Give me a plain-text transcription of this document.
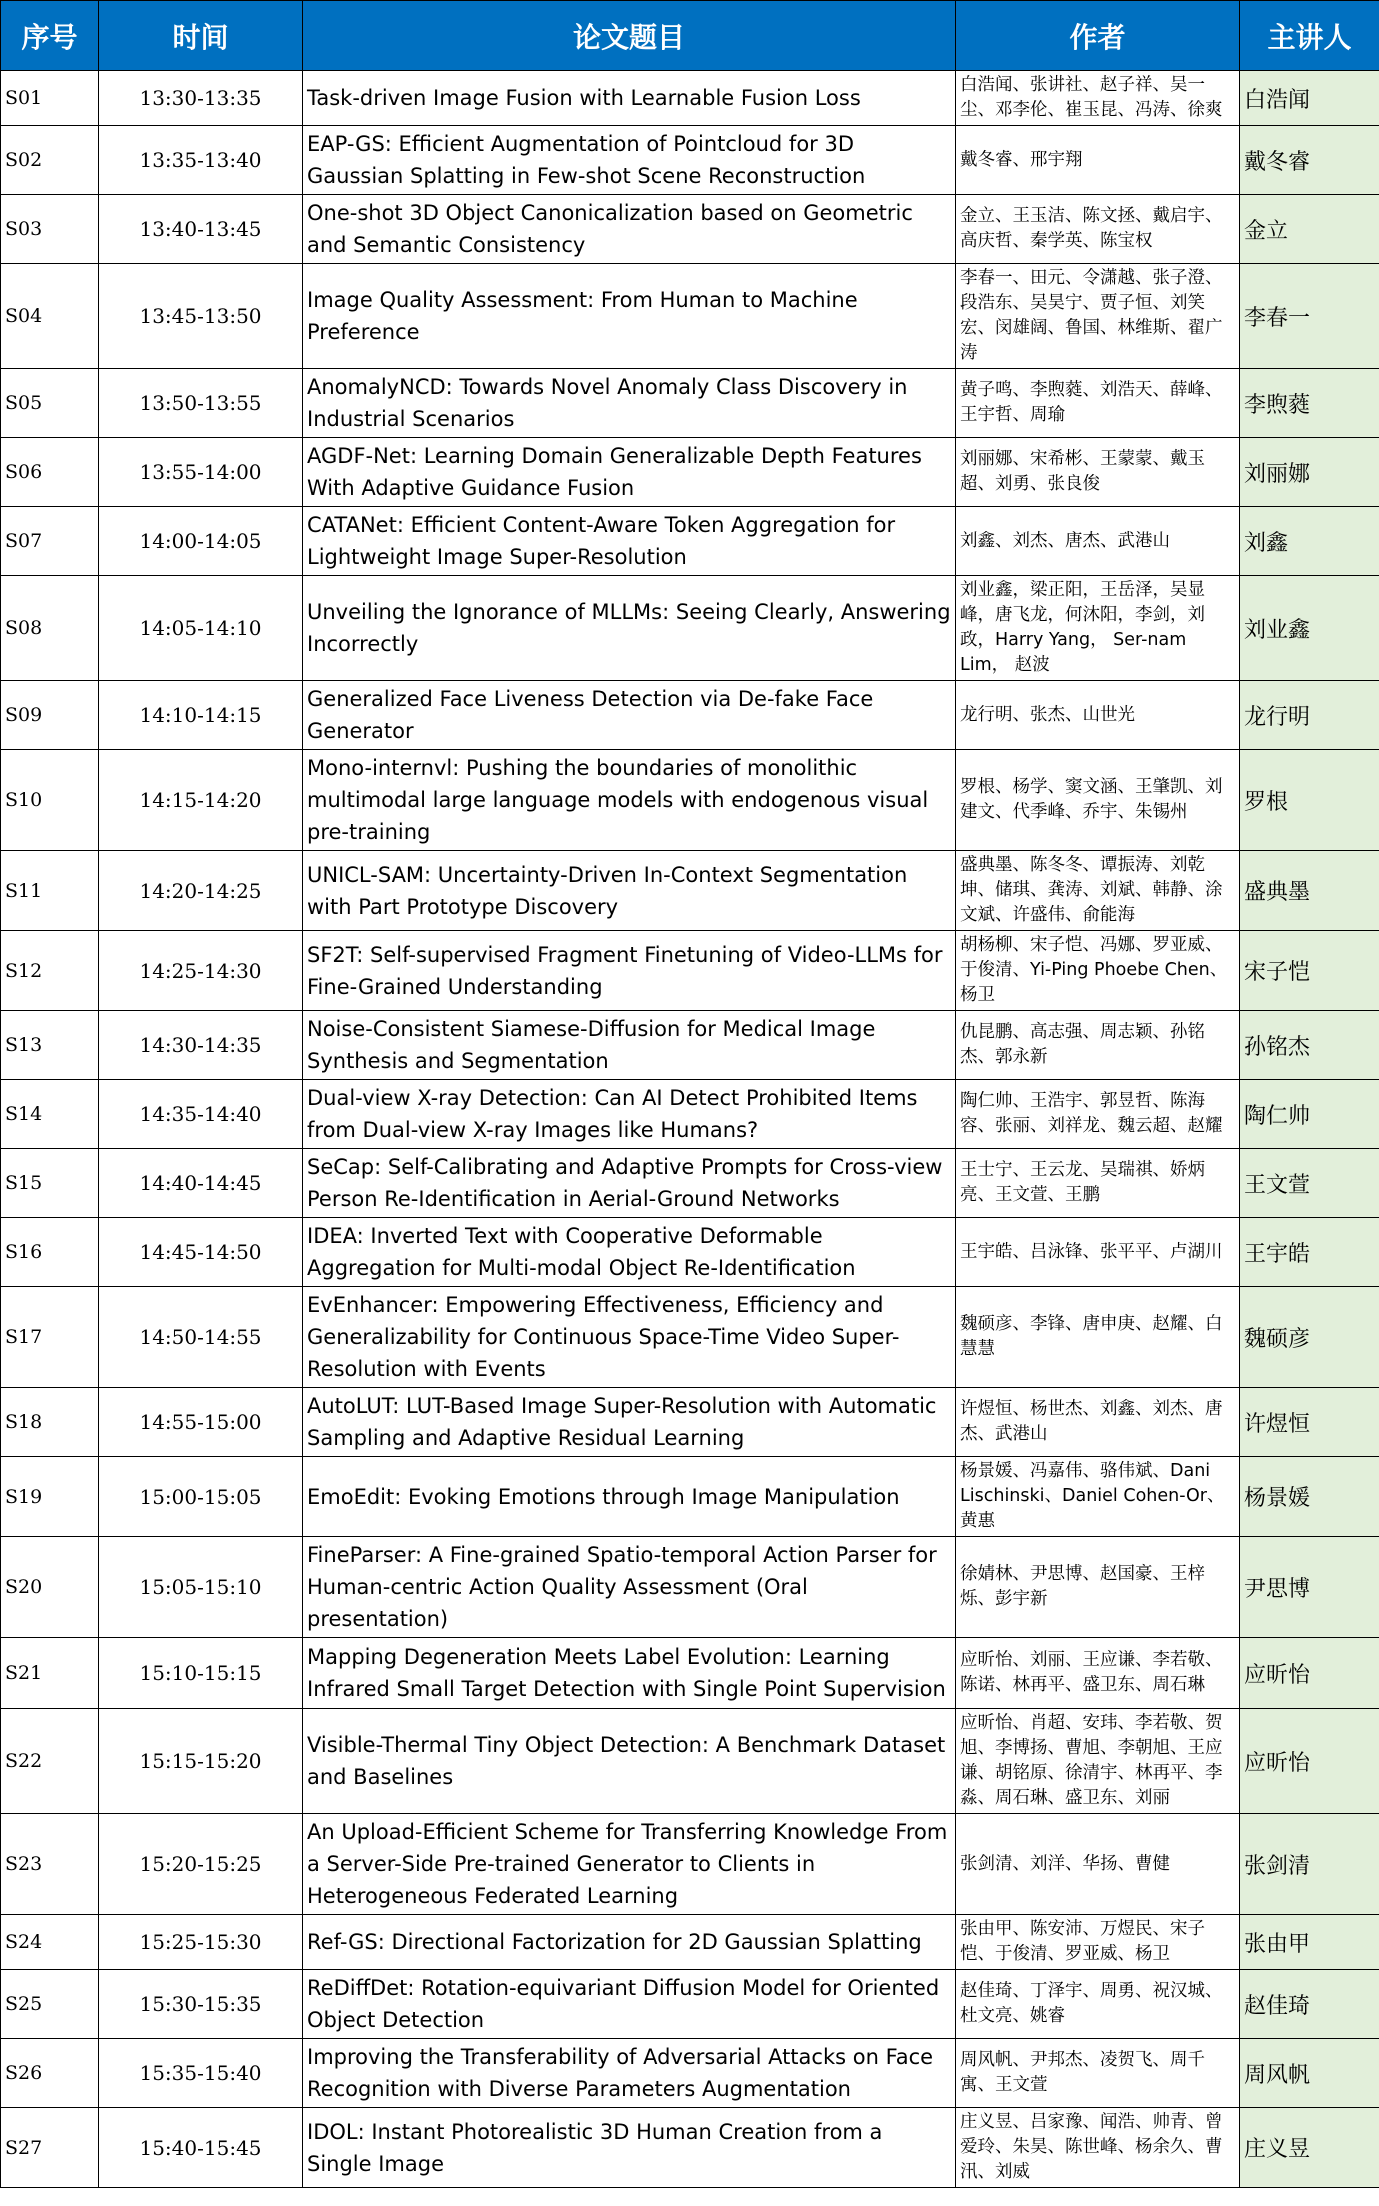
序号	时间	论文题目	作者	主讲人
S01	13:30-13:35	Task-driven Image Fusion with Learnable Fusion Loss	白浩闻、张讲社、赵子祥、吴一尘、邓李伦、崔玉昆、冯涛、徐爽	白浩闻
S02	13:35-13:40	EAP-GS: Efficient Augmentation of Pointcloud for 3D Gaussian Splatting in Few-shot Scene Reconstruction	戴冬睿、邢宇翔	戴冬睿
S03	13:40-13:45	One-shot 3D Object Canonicalization based on Geometric and Semantic Consistency	金立、王玉洁、陈文拯、戴启宇、高庆哲、秦学英、陈宝权	金立
S04	13:45-13:50	Image Quality Assessment: From Human to Machine Preference	李春一、田元、令潇越、张子澄、段浩东、吴昊宁、贾子恒、刘笑宏、闵雄阔、鲁国、林维斯、翟广涛	李春一
S05	13:50-13:55	AnomalyNCD: Towards Novel Anomaly Class Discovery in Industrial Scenarios	黄子鸣、李煦蕤、刘浩天、薛峰、王宇哲、周瑜	李煦蕤
S06	13:55-14:00	AGDF-Net: Learning Domain Generalizable Depth Features With Adaptive Guidance Fusion	刘丽娜、宋希彬、王蒙蒙、戴玉超、刘勇、张良俊	刘丽娜
S07	14:00-14:05	CATANet: Efficient Content-Aware Token Aggregation for Lightweight Image Super-Resolution	刘鑫、刘杰、唐杰、武港山	刘鑫
S08	14:05-14:10	Unveiling the Ignorance of MLLMs: Seeing Clearly, Answering Incorrectly	刘业鑫，梁正阳，王岳泽，吴显峰，唐飞龙，何沐阳，李剑，刘政，Harry Yang， Ser-nam Lim， 赵波	刘业鑫
S09	14:10-14:15	Generalized Face Liveness Detection via De-fake Face Generator	龙行明、张杰、山世光	龙行明
S10	14:15-14:20	Mono-internvl: Pushing the boundaries of monolithic multimodal large language models with endogenous visual pre-training	罗根、杨学、窦文涵、王肇凯、刘建文、代季峰、乔宇、朱锡州	罗根
S11	14:20-14:25	UNICL-SAM: Uncertainty-Driven In-Context Segmentation with Part Prototype Discovery	盛典墨、陈冬冬、谭振涛、刘乾坤、储琪、龚涛、刘斌、韩静、涂文斌、许盛伟、俞能海	盛典墨
S12	14:25-14:30	SF2T: Self-supervised Fragment Finetuning of Video-LLMs for Fine-Grained Understanding	胡杨柳、宋子恺、冯娜、罗亚威、于俊清、Yi-Ping Phoebe Chen、杨卫	宋子恺
S13	14:30-14:35	Noise-Consistent Siamese-Diffusion for Medical Image Synthesis and Segmentation	仇昆鹏、高志强、周志颖、孙铭杰、郭永新	孙铭杰
S14	14:35-14:40	Dual-view X-ray Detection: Can AI Detect Prohibited Items from Dual-view X-ray Images like Humans?	陶仁帅、王浩宇、郭昱哲、陈海容、张丽、刘祥龙、魏云超、赵耀	陶仁帅
S15	14:40-14:45	SeCap: Self-Calibrating and Adaptive Prompts for Cross-view Person Re-Identification in Aerial-Ground Networks	王士宁、王云龙、吴瑞祺、娇炳亮、王文萱、王鹏	王文萱
S16	14:45-14:50	IDEA: Inverted Text with Cooperative Deformable Aggregation for Multi-modal Object Re-Identification	王宇皓、吕泳锋、张平平、卢湖川	王宇皓
S17	14:50-14:55	EvEnhancer: Empowering Effectiveness, Efficiency and Generalizability for Continuous Space-Time Video Super-Resolution with Events	魏硕彦、李锋、唐申庚、赵耀、白慧慧	魏硕彦
S18	14:55-15:00	AutoLUT: LUT-Based Image Super-Resolution with Automatic Sampling and Adaptive Residual Learning	许煜恒、杨世杰、刘鑫、刘杰、唐杰、武港山	许煜恒
S19	15:00-15:05	EmoEdit: Evoking Emotions through Image Manipulation	杨景媛、冯嘉伟、骆伟斌、Dani Lischinski、Daniel Cohen-Or、黄惠	杨景媛
S20	15:05-15:10	FineParser: A Fine-grained Spatio-temporal Action Parser for Human-centric Action Quality Assessment (Oral presentation)	徐婧林、尹思博、赵国豪、王梓烁、彭宇新	尹思博
S21	15:10-15:15	Mapping Degeneration Meets Label Evolution: Learning Infrared Small Target Detection with Single Point Supervision	应昕怡、刘丽、王应谦、李若敬、陈诺、林再平、盛卫东、周石琳	应昕怡
S22	15:15-15:20	Visible-Thermal Tiny Object Detection: A Benchmark Dataset and Baselines	应昕怡、肖超、安玮、李若敬、贺旭、李博扬、曹旭、李朝旭、王应谦、胡铭原、徐清宇、林再平、李淼、周石琳、盛卫东、刘丽	应昕怡
S23	15:20-15:25	An Upload-Efficient Scheme for Transferring Knowledge From a Server-Side Pre-trained Generator to Clients in Heterogeneous Federated Learning	张剑清、刘洋、华扬、曹健	张剑清
S24	15:25-15:30	Ref-GS: Directional Factorization for 2D Gaussian Splatting	张由甲、陈安沛、万煜民、宋子恺、于俊清、罗亚威、杨卫	张由甲
S25	15:30-15:35	ReDiffDet: Rotation-equivariant Diffusion Model for Oriented Object Detection	赵佳琦、丁泽宇、周勇、祝汉城、杜文亮、姚睿	赵佳琦
S26	15:35-15:40	Improving the Transferability of Adversarial Attacks on Face Recognition with Diverse Parameters Augmentation	周风帆、尹邦杰、凌贺飞、周千寓、王文萱	周风帆
S27	15:40-15:45	IDOL: Instant Photorealistic 3D Human Creation from a Single Image	庄义昱、吕家豫、闻浩、帅青、曾爱玲、朱昊、陈世峰、杨余久、曹汛、刘威	庄义昱
